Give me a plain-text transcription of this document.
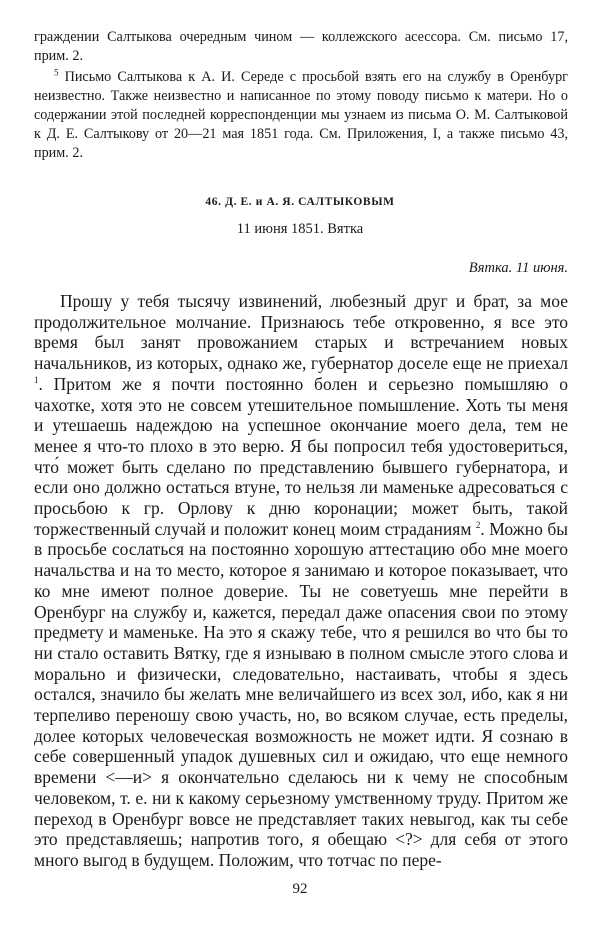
граждении Салтыкова очередным чином — коллежского асессора. См. письмо 17, прим. 2.

$^5$ Письмо Салтыкова к А. И. Середе с просьбой взять его на службу в Оренбург неизвестно. Также неизвестно и написанное по этому поводу письмо к матери. Но о содержании этой последней корреспонденции мы узнаем из письма О. М. Салтыковой к Д. Е. Салтыкову от 20—21 мая 1851 года. См. Приложения, I, а также письмо 43, прим. 2.

46. Д. Е. и А. Я. САЛТЫКОВЫМ
11 июня 1851. Вятка
Вятка. 11 июня.

Прошу у тебя тысячу извинений, любезный друг и брат, за мое продолжительное молчание. Признаюсь тебе откровенно, я все это время был занят провожанием старых и встречанием новых начальников, из которых, однако же, губернатор доселе еще не приехал $^1$. Притом же я почти постоянно болен и серьезно помышляю о чахотке, хотя это не совсем утешительное помышление. Хоть ты меня и утешаешь надеждою на успешное окончание моего дела, тем не менее я что-то плохо в это верю. Я бы попросил тебя удостовериться, что́ может быть сделано по представлению бывшего губернатора, и если оно должно остаться втуне, то нельзя ли маменьке адресоваться с просьбою к гр. Орлову к дню коронации; может быть, такой торжественный случай и положит конец моим страданиям $^2$. Можно бы в просьбе сослаться на постоянно хорошую аттестацию обо мне моего начальства и на то место, которое я занимаю и которое показывает, что ко мне имеют полное доверие. Ты не советуешь мне перейти в Оренбург на службу и, кажется, передал даже опасения свои по этому предмету и маменьке. На это я скажу тебе, что я решился во что бы то ни стало оставить Вятку, где я изнываю в полном смысле этого слова и морально и физически, следовательно, настаивать, чтобы я здесь остался, значило бы желать мне величайшего из всех зол, ибо, как я ни терпеливо переношу свою участь, но, во всяком случае, есть пределы, долее которых человеческая возможность не может идти. Я сознаю в себе совершенный упадок душевных сил и ожидаю, что еще немного времени <—и> я окончательно сделаюсь ни к чему не способным человеком, т. е. ни к какому серьезному умственному труду. Притом же переход в Оренбург вовсе не представляет таких невыгод, как ты себе это представляешь; напротив того, я обещаю <?> для себя от этого много выгод в будущем. Положим, что тотчас по пере-

92
